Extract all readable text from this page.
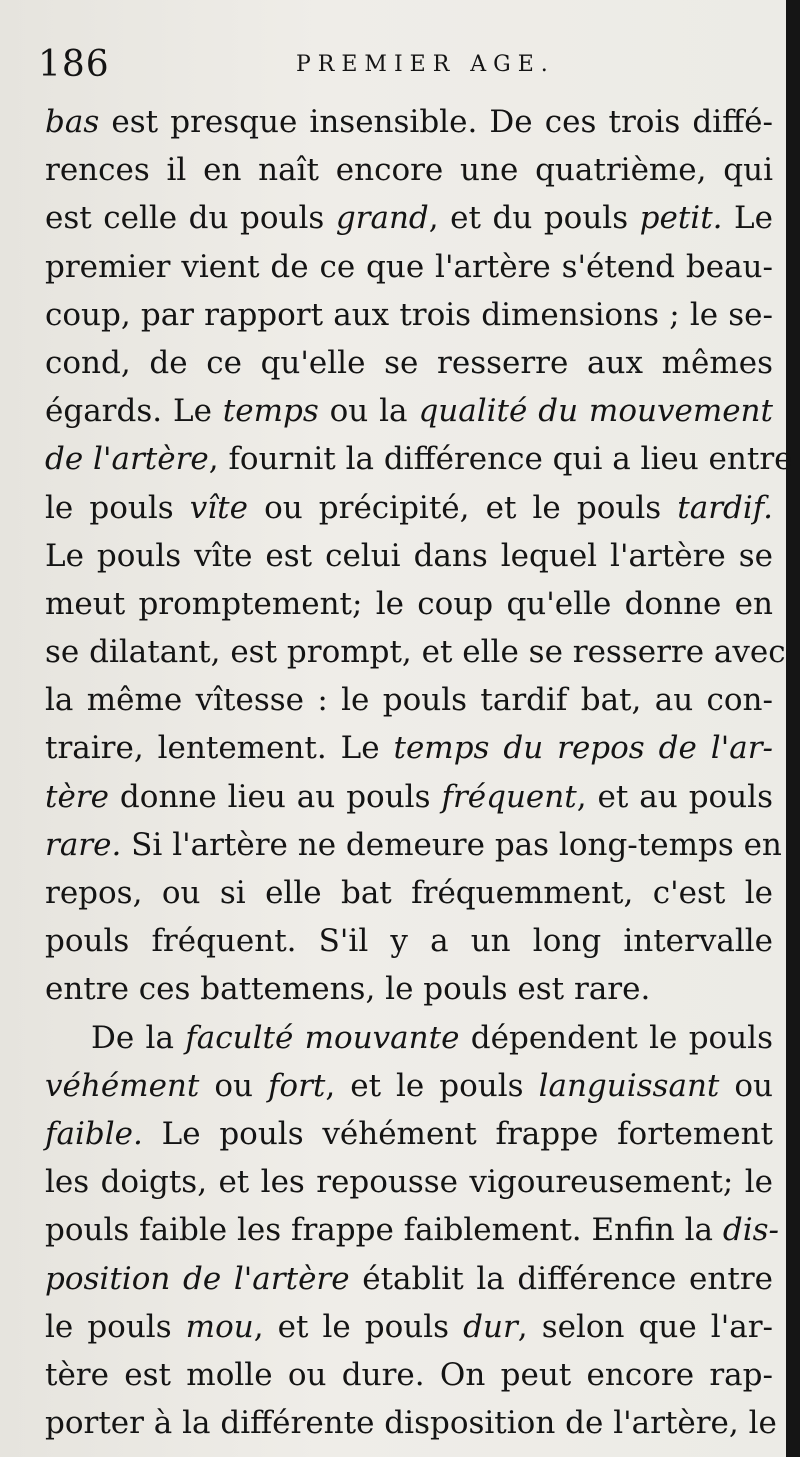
186	PREMIER AGE.
bas est presque insensible. De ces trois diffé-
rences il en naît encore une quatrième, qui
est celle du pouls grand, et du pouls petit. Le
premier vient de ce que l'artère s'étend beau-
coup, par rapport aux trois dimensions ; le se-
cond, de ce qu'elle se resserre aux mêmes
égards. Le temps ou la qualité du mouvement
de l'artère, fournit la différence qui a lieu entre
le pouls vîte ou précipité, et le pouls tardif.
Le pouls vîte est celui dans lequel l'artère se
meut promptement; le coup qu'elle donne en
se dilatant, est prompt, et elle se resserre avec
la même vîtesse : le pouls tardif bat, au con-
traire, lentement. Le temps du repos de l'ar-
tère donne lieu au pouls fréquent, et au pouls
rare. Si l'artère ne demeure pas long-temps en
repos, ou si elle bat fréquemment, c'est le
pouls fréquent. S'il y a un long intervalle
entre ces battemens, le pouls est rare.
De la faculté mouvante dépendent le pouls
véhément ou fort, et le pouls languissant ou
faible. Le pouls véhément frappe fortement
les doigts, et les repousse vigoureusement; le
pouls faible les frappe faiblement. Enfin la dis-
position de l'artère établit la différence entre
le pouls mou, et le pouls dur, selon que l'ar-
tère est molle ou dure. On peut encore rap-
porter à la différente disposition de l'artère, le
